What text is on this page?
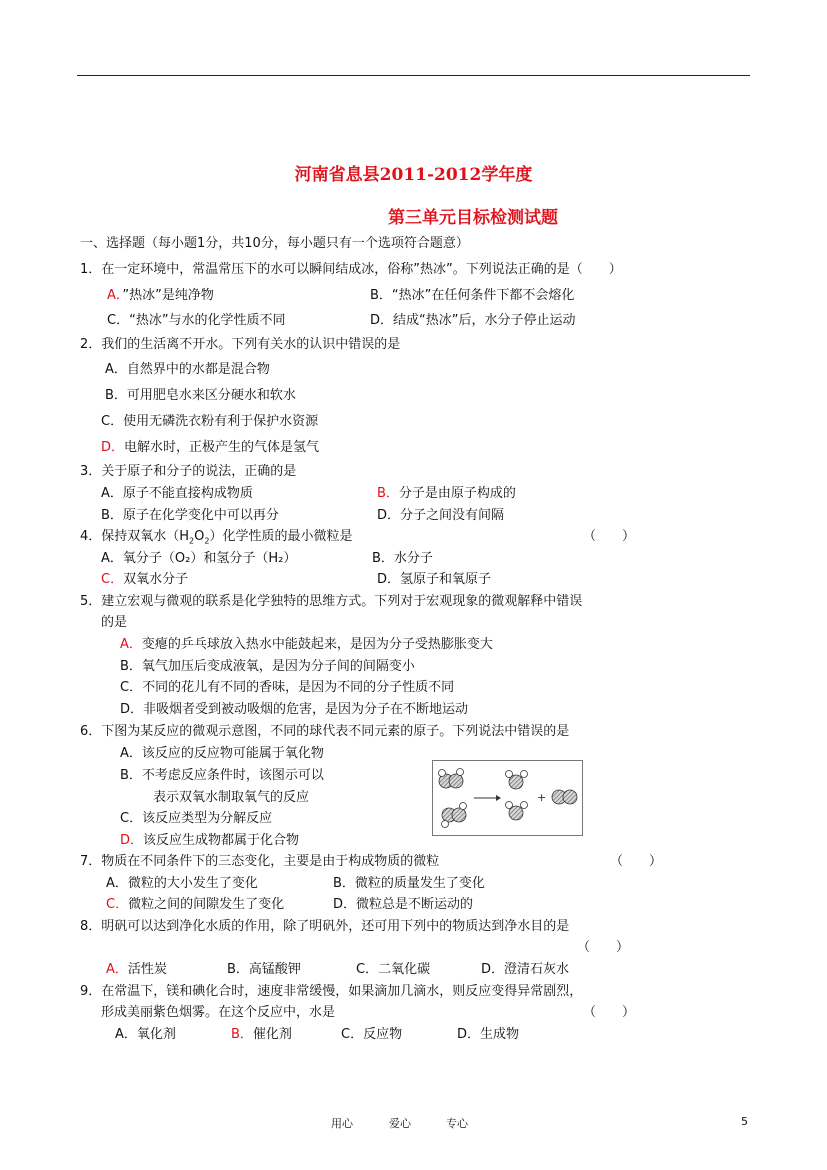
河南省息县2011-2012学年度
第三单元目标检测试题
一、选择题（每小题1分，共10分，每小题只有一个选项符合题意）
1．在一定环境中，常温常压下的水可以瞬间结成冰，俗称”热冰”。下列说法正确的是（　　）
A．”热冰”是纯净物	B．“热冰”在任何条件下都不会熔化
C．“热冰”与水的化学性质不同	D．结成“热冰”后，水分子停止运动
2．我们的生活离不开水。下列有关水的认识中错误的是
A．自然界中的水都是混合物
B．可用肥皂水来区分硬水和软水
C．使用无磷洗衣粉有利于保护水资源
D．电解水时，正极产生的气体是氢气
3．关于原子和分子的说法，正确的是
A．原子不能直接构成物质	B．分子是由原子构成的
B．原子在化学变化中可以再分	D．分子之间没有间隔
4．保持双氧水$(H_2O_2)$化学性质的最小微粒是	（　　）
A．氧分子（O₂）和氢分子（H₂）	B．水分子
C．双氧水分子	D．氢原子和氧原子
5．建立宏观与微观的联系是化学独特的思维方式。下列对于宏观现象的微观解释中错误
的是
A．变瘪的乒乓球放入热水中能鼓起来，是因为分子受热膨胀变大
B．氧气加压后变成液氧，是因为分子间的间隔变小
C．不同的花儿有不同的香味，是因为不同的分子性质不同
D．非吸烟者受到被动吸烟的危害，是因为分子在不断地运动
6．下图为某反应的微观示意图，不同的球代表不同元素的原子。下列说法中错误的是
A．该反应的反应物可能属于氧化物
B．不考虑反应条件时，该图示可以
表示双氧水制取氧气的反应
C．该反应类型为分解反应
D．该反应生成物都属于化合物
+
7．物质在不同条件下的三态变化，主要是由于构成物质的微粒	（　　）
A．微粒的大小发生了变化	B．微粒的质量发生了变化
C．微粒之间的间隙发生了变化	D．微粒总是不断运动的
8．明矾可以达到净化水质的作用，除了明矾外，还可用下列中的物质达到净水目的是
（　　）
A．活性炭	B．高锰酸钾	C．二氧化碳	D．澄清石灰水
9．在常温下，镁和碘化合时，速度非常缓慢，如果滴加几滴水，则反应变得异常剧烈，
形成美丽紫色烟雾。在这个反应中，水是	（　　）
A．氧化剂	B．催化剂	C．反应物	D．生成物
用心	爱心	专心	5
